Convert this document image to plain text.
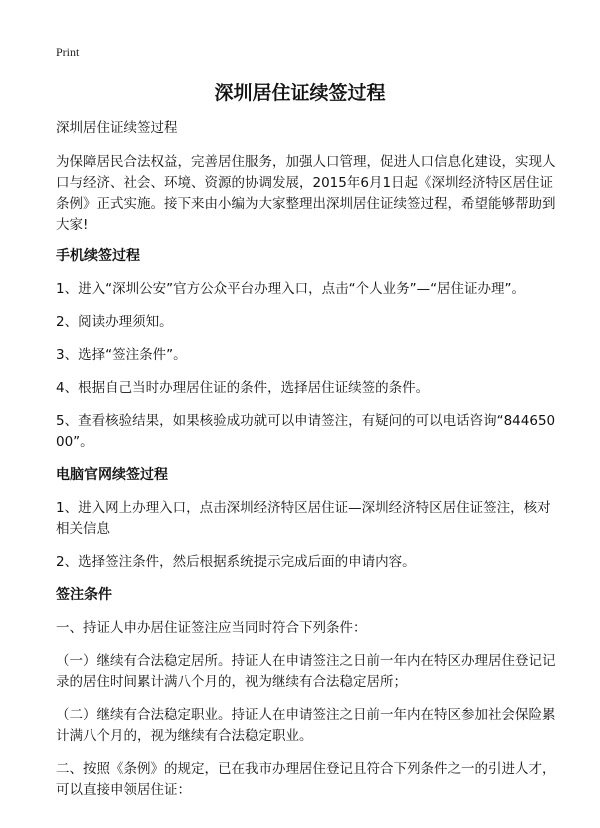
Print
深圳居住证续签过程

深圳居住证续签过程

为保障居民合法权益，完善居住服务，加强人口管理，促进人口信息化建设，实现人口与经济、社会、环境、资源的协调发展，2015年6月1日起《深圳经济特区居住证条例》正式实施。接下来由小编为大家整理出深圳居住证续签过程，希望能够帮助到大家!

手机续签过程

1、进入“深圳公安”官方公众平台办理入口，点击“个人业务”—“居住证办理”。

2、阅读办理须知。

3、选择“签注条件”。

4、根据自己当时办理居住证的条件，选择居住证续签的条件。

5、查看核验结果，如果核验成功就可以申请签注，有疑问的可以电话咨询“84465000”。

电脑官网续签过程

1、进入网上办理入口，点击深圳经济特区居住证—深圳经济特区居住证签注，核对相关信息

2、选择签注条件，然后根据系统提示完成后面的申请内容。

签注条件

一、持证人申办居住证签注应当同时符合下列条件：

（一）继续有合法稳定居所。持证人在申请签注之日前一年内在特区办理居住登记记录的居住时间累计满八个月的，视为继续有合法稳定居所；

（二）继续有合法稳定职业。持证人在申请签注之日前一年内在特区参加社会保险累计满八个月的，视为继续有合法稳定职业。

二、按照《条例》的规定，已在我市办理居住登记且符合下列条件之一的引进人才，可以直接申领居住证：
